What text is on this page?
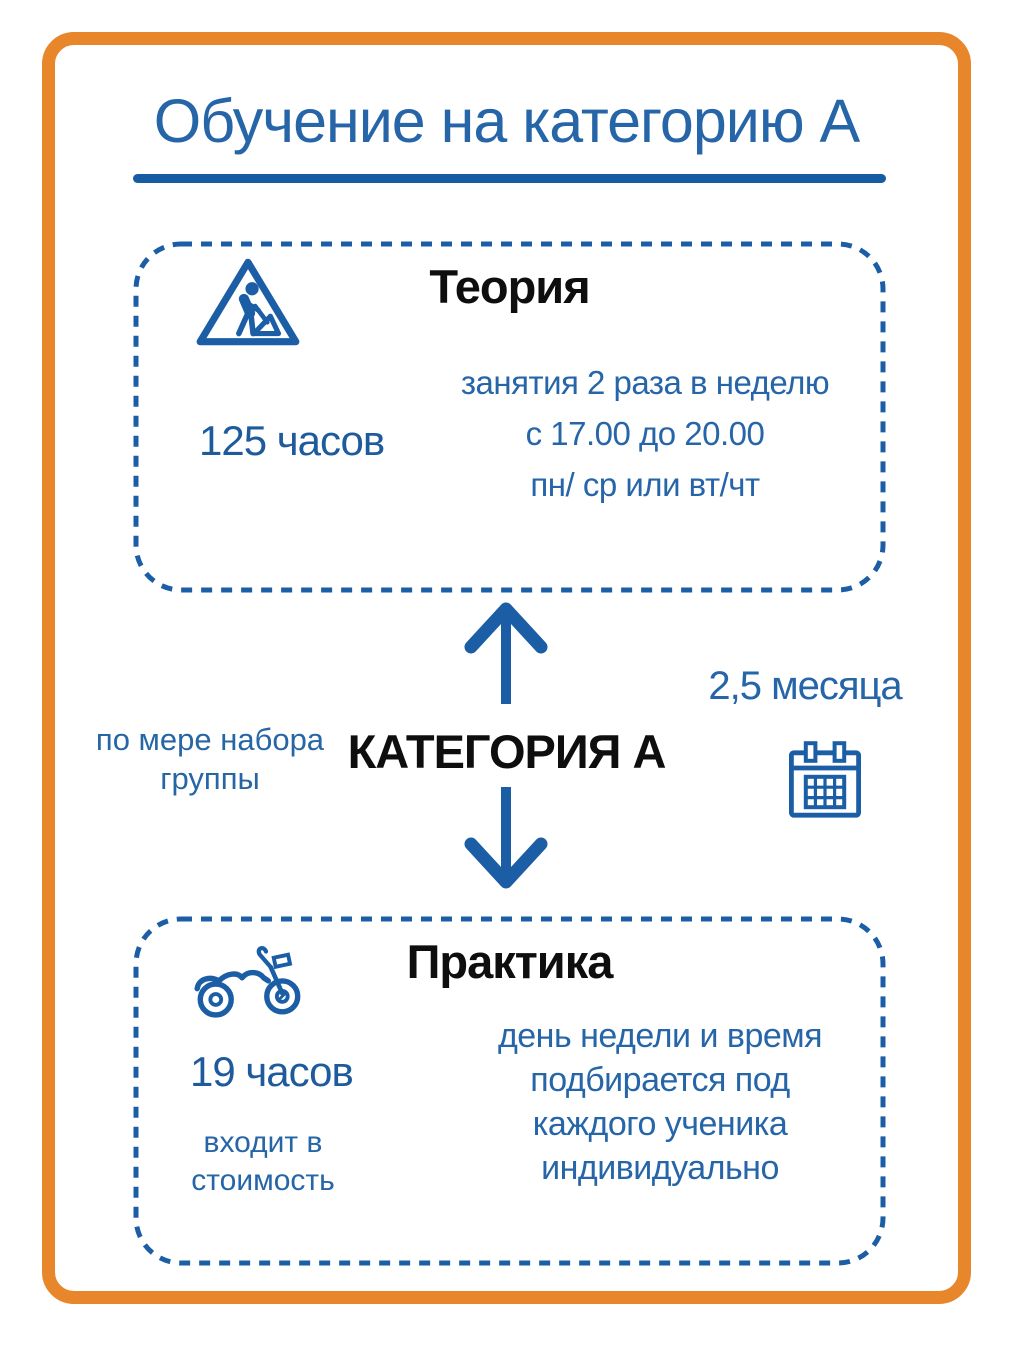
Обучение на категорию А
Теория
125 часов
занятия 2 раза в неделю
с 17.00 до 20.00
пн/ ср или вт/чт
КАТЕГОРИЯ А
по мере набора
группы
2,5 месяца
Практика
19 часов
входит в
стоимость
день недели и время
подбирается под
каждого ученика
индивидуально
